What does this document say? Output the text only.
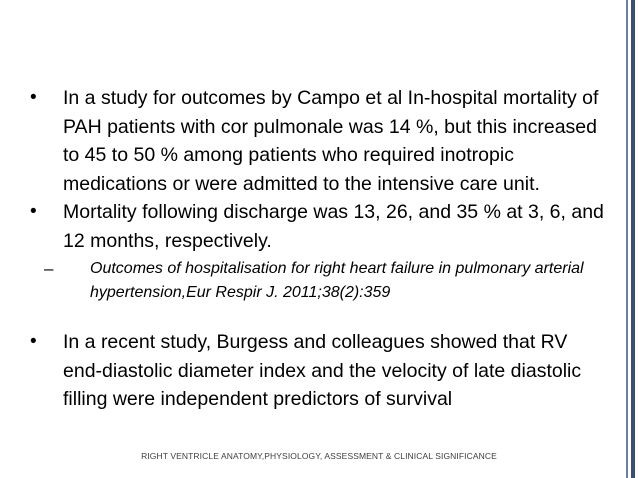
•	In a study for outcomes by Campo et al In-hospital mortality of PAH patients with cor pulmonale was 14 %, but this increased to 45 to 50 % among patients who required inotropic medications or were admitted to the intensive care unit.
•	Mortality following discharge was 13, 26, and 35 % at 3, 6, and 12 months, respectively.
–	Outcomes of hospitalisation for right heart failure in pulmonary arterial hypertension,Eur Respir J. 2011;38(2):359
•	In a recent study, Burgess and colleagues showed that RV end-diastolic diameter index and the velocity of late diastolic filling were independent predictors of survival
RIGHT VENTRICLE ANATOMY,PHYSIOLOGY, ASSESSMENT & CLINICAL SIGNIFICANCE
